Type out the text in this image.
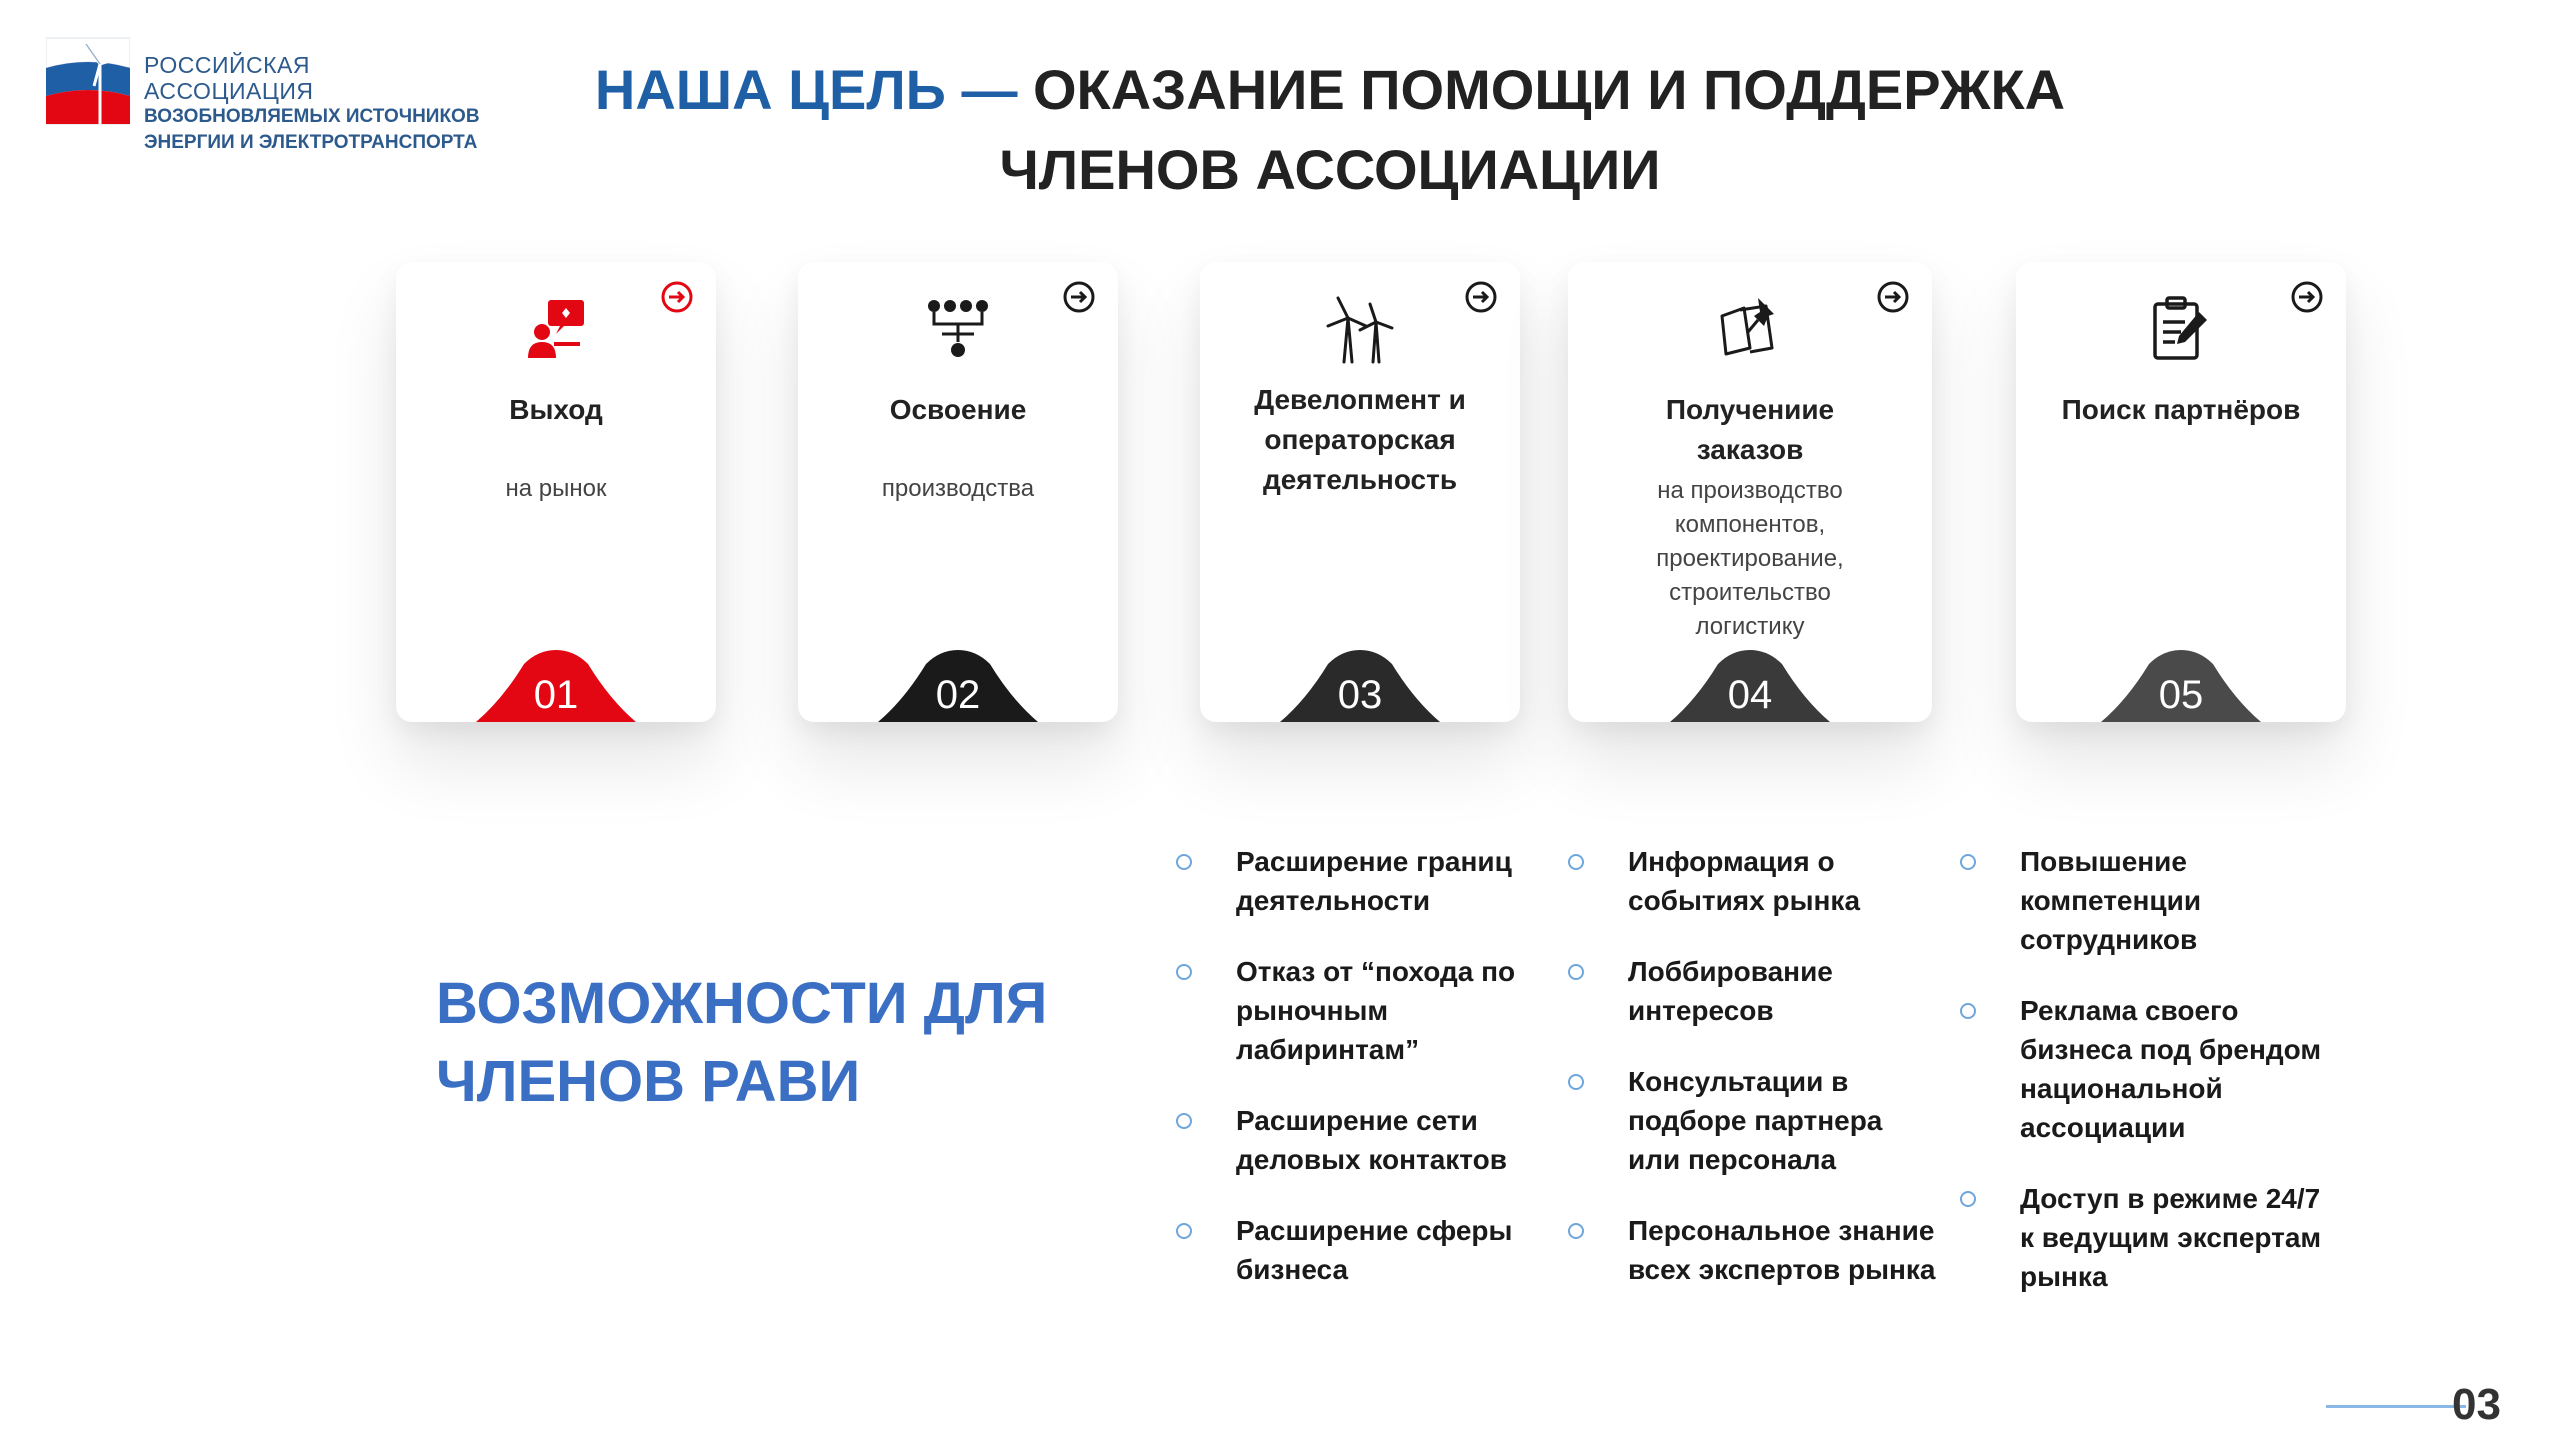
РОССИЙСКАЯ АССОЦИАЦИЯ
ВОЗОБНОВЛЯЕМЫХ ИСТОЧНИКОВ
ЭНЕРГИИ И ЭЛЕКТРОТРАНСПОРТА
НАША ЦЕЛЬ — ОКАЗАНИЕ ПОМОЩИ И ПОДДЕРЖКА
ЧЛЕНОВ АССОЦИАЦИИ
Выход
на рынок
01
Освоение
производства
02
Девелопмент и операторская деятельность
03
Получениие заказов
на производство компонентов, проектирование, строительство логистику
04
Поиск партнёров
05
ВОЗМОЖНОСТИ ДЛЯ
ЧЛЕНОВ РАВИ
Расширение границ деятельности
Отказ от “похода по рыночным лабиринтам”
Расширение сети деловых контактов
Расширение сферы бизнеса
Информация о событиях рынка
Лоббирование интересов
Консультации в подборе партнера или персонала
Персональное знание всех экспертов рынка
Повышение компетенции сотрудников
Реклама своего бизнеса под брендом национальной ассоциации
Доступ в режиме 24/7 к ведущим экспертам рынка
03
